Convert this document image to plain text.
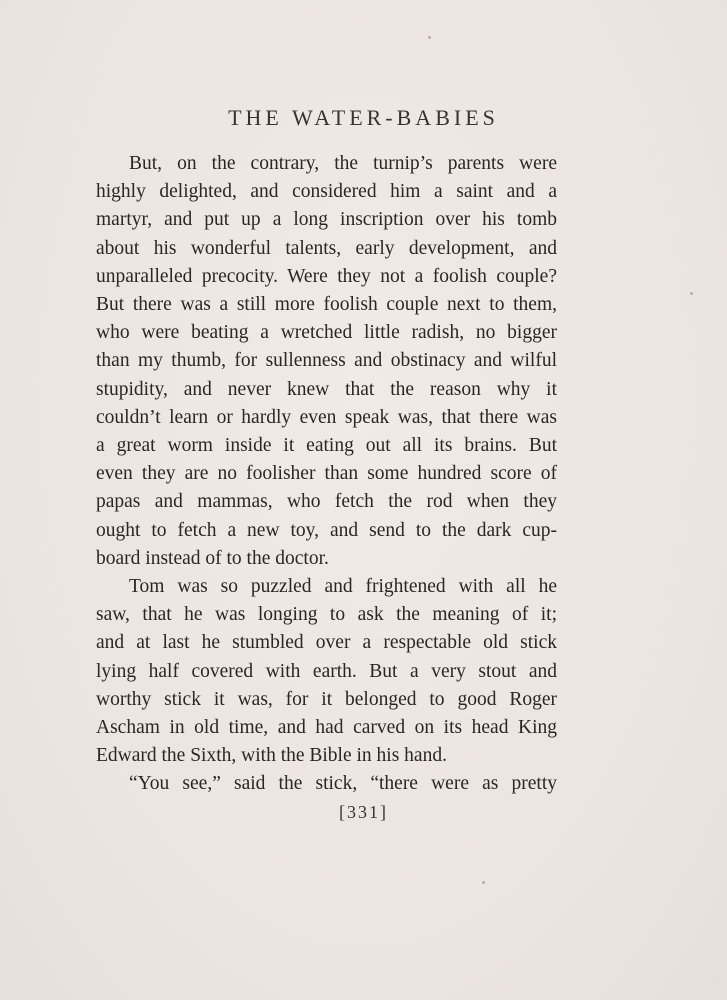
THE WATER-BABIES
But, on the contrary, the turnip’s parents were
highly delighted, and considered him a saint and a
martyr, and put up a long inscription over his tomb
about his wonderful talents, early development, and
unparalleled precocity. Were they not a foolish couple?
But there was a still more foolish couple next to them,
who were beating a wretched little radish, no bigger
than my thumb, for sullenness and obstinacy and wilful
stupidity, and never knew that the reason why it
couldn’t learn or hardly even speak was, that there was
a great worm inside it eating out all its brains. But
even they are no foolisher than some hundred score of
papas and mammas, who fetch the rod when they
ought to fetch a new toy, and send to the dark cup-
board instead of to the doctor.
Tom was so puzzled and frightened with all he
saw, that he was longing to ask the meaning of it;
and at last he stumbled over a respectable old stick
lying half covered with earth. But a very stout and
worthy stick it was, for it belonged to good Roger
Ascham in old time, and had carved on its head King
Edward the Sixth, with the Bible in his hand.
“You see,” said the stick, “there were as pretty
[331]
